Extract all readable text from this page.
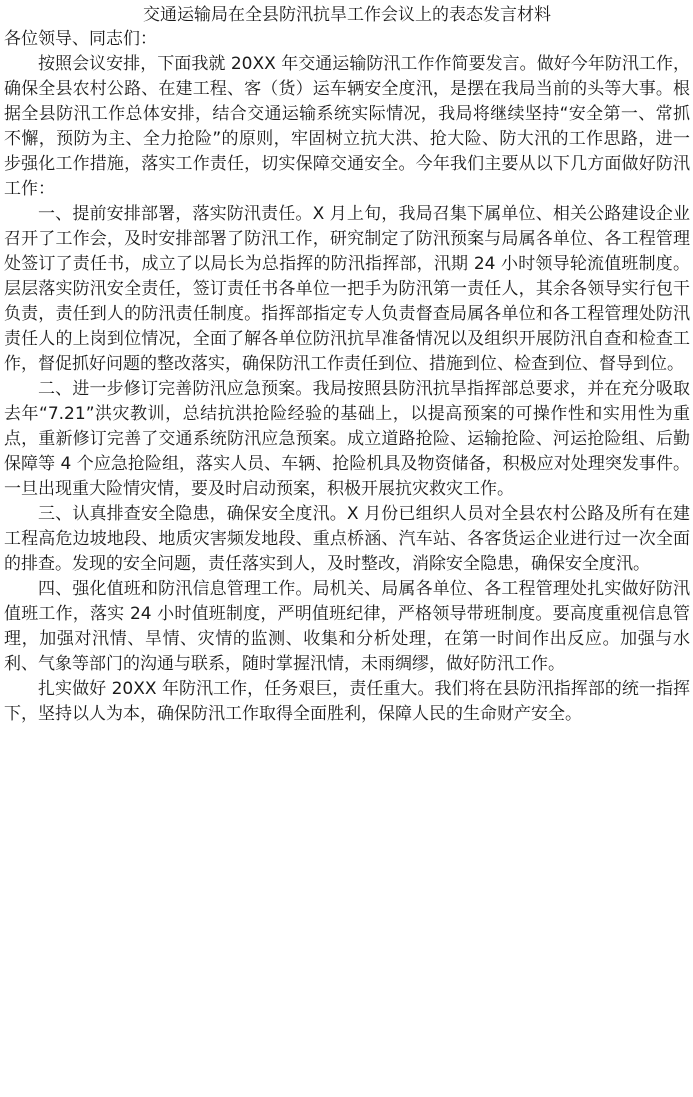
交通运输局在全县防汛抗旱工作会议上的表态发言材料

各位领导、同志们：

按照会议安排，下面我就 20XX 年交通运输防汛工作作简要发言。做好今年防汛工作，确保全县农村公路、在建工程、客（货）运车辆安全度汛，是摆在我局当前的头等大事。根据全县防汛工作总体安排，结合交通运输系统实际情况，我局将继续坚持“安全第一、常抓不懈，预防为主、全力抢险”的原则，牢固树立抗大洪、抢大险、防大汛的工作思路，进一步强化工作措施，落实工作责任，切实保障交通安全。今年我们主要从以下几方面做好防汛工作：

一、提前安排部署，落实防汛责任。X 月上旬，我局召集下属单位、相关公路建设企业召开了工作会，及时安排部署了防汛工作，研究制定了防汛预案与局属各单位、各工程管理处签订了责任书，成立了以局长为总指挥的防汛指挥部，汛期 24 小时领导轮流值班制度。层层落实防汛安全责任，签订责任书各单位一把手为防汛第一责任人，其余各领导实行包干负责，责任到人的防汛责任制度。指挥部指定专人负责督查局属各单位和各工程管理处防汛责任人的上岗到位情况，全面了解各单位防汛抗旱准备情况以及组织开展防汛自查和检查工作，督促抓好问题的整改落实，确保防汛工作责任到位、措施到位、检查到位、督导到位。

二、进一步修订完善防汛应急预案。我局按照县防汛抗旱指挥部总要求，并在充分吸取去年“7.21”洪灾教训，总结抗洪抢险经验的基础上，以提高预案的可操作性和实用性为重点，重新修订完善了交通系统防汛应急预案。成立道路抢险、运输抢险、河运抢险组、后勤保障等 4 个应急抢险组，落实人员、车辆、抢险机具及物资储备，积极应对处理突发事件。一旦出现重大险情灾情，要及时启动预案，积极开展抗灾救灾工作。

三、认真排查安全隐患，确保安全度汛。X 月份已组织人员对全县农村公路及所有在建工程高危边坡地段、地质灾害频发地段、重点桥涵、汽车站、各客货运企业进行过一次全面的排查。发现的安全问题，责任落实到人，及时整改，消除安全隐患，确保安全度汛。

四、强化值班和防汛信息管理工作。局机关、局属各单位、各工程管理处扎实做好防汛值班工作，落实 24 小时值班制度，严明值班纪律，严格领导带班制度。要高度重视信息管理，加强对汛情、旱情、灾情的监测、收集和分析处理，在第一时间作出反应。加强与水利、气象等部门的沟通与联系，随时掌握汛情，未雨绸缪，做好防汛工作。

扎实做好 20XX 年防汛工作，任务艰巨，责任重大。我们将在县防汛指挥部的统一指挥下，坚持以人为本，确保防汛工作取得全面胜利，保障人民的生命财产安全。
